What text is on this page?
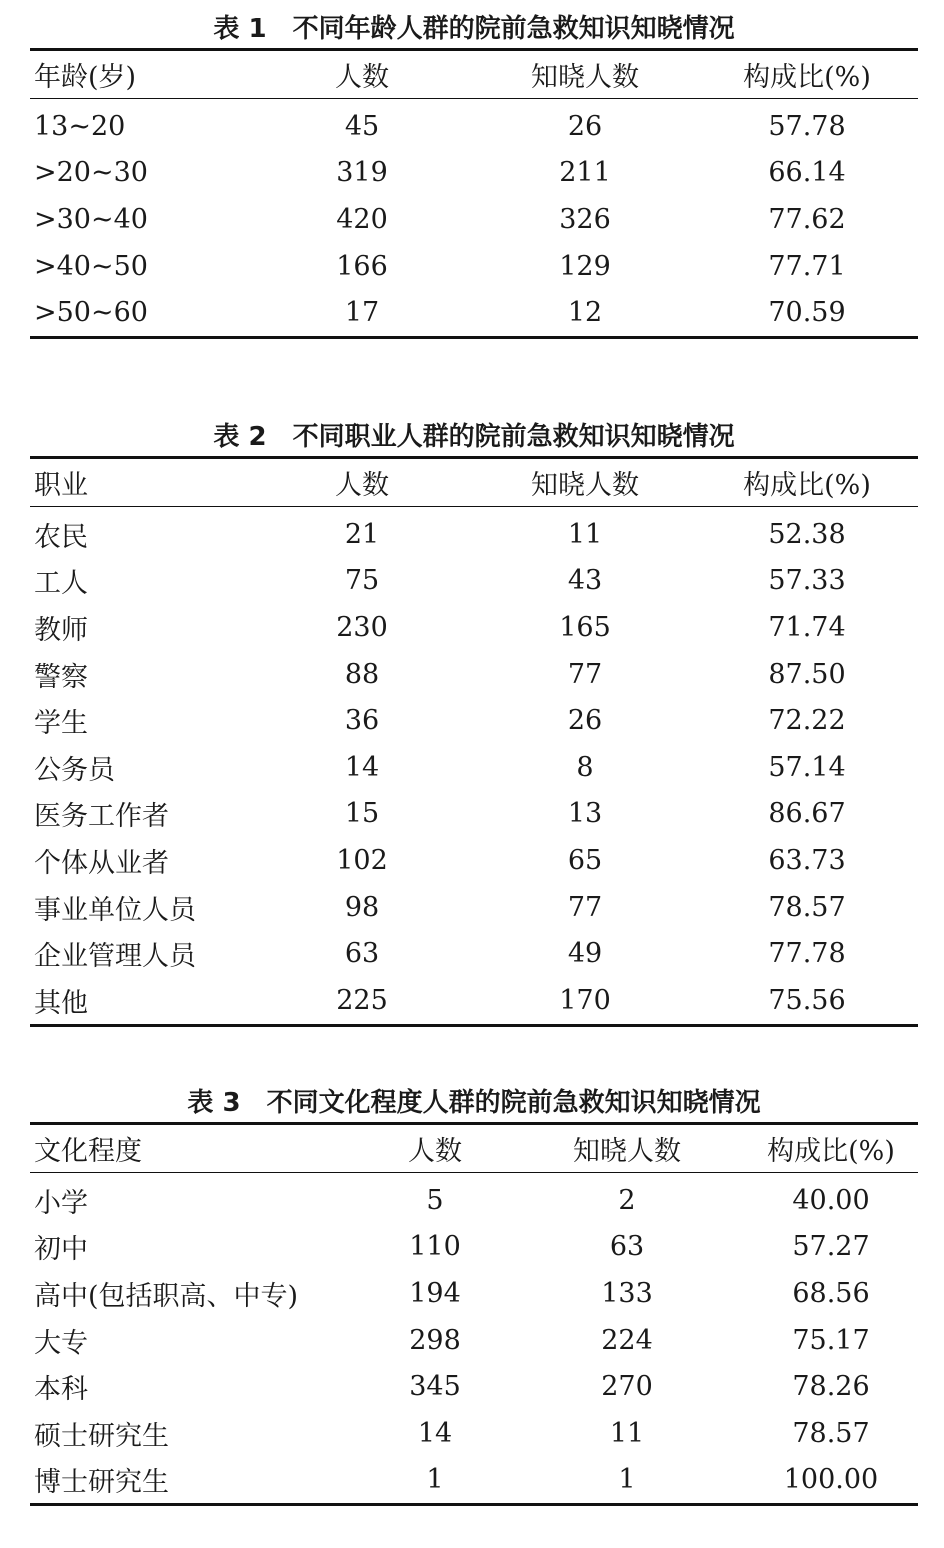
表 1　不同年龄人群的院前急救知识知晓情况
年龄(岁)	人数	知晓人数	构成比(%)
13~20	45	26	57.78
>20~30	319	211	66.14
>30~40	420	326	77.62
>40~50	166	129	77.71
>50~60	17	12	70.59
表 2　不同职业人群的院前急救知识知晓情况
职业	人数	知晓人数	构成比(%)
农民	21	11	52.38
工人	75	43	57.33
教师	230	165	71.74
警察	88	77	87.50
学生	36	26	72.22
公务员	14	8	57.14
医务工作者	15	13	86.67
个体从业者	102	65	63.73
事业单位人员	98	77	78.57
企业管理人员	63	49	77.78
其他	225	170	75.56
表 3　不同文化程度人群的院前急救知识知晓情况
文化程度	人数	知晓人数	构成比(%)
小学	5	2	40.00
初中	110	63	57.27
高中(包括职高、中专)	194	133	68.56
大专	298	224	75.17
本科	345	270	78.26
硕士研究生	14	11	78.57
博士研究生	1	1	100.00
